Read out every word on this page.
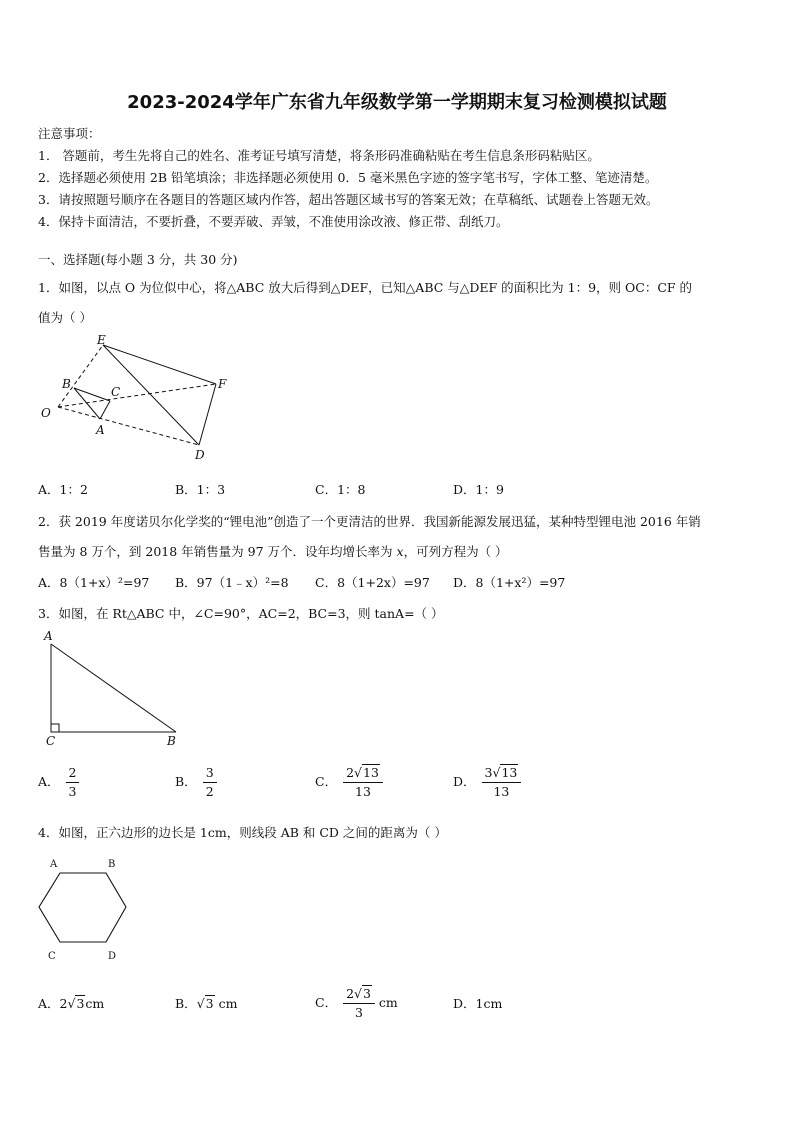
2023-2024学年广东省九年级数学第一学期期末复习检测模拟试题
注意事项：
1． 答题前，考生先将自己的姓名、准考证号填写清楚，将条形码准确粘贴在考生信息条形码粘贴区。
2．选择题必须使用 2B 铅笔填涂；非选择题必须使用 0．5 毫米黑色字迹的签字笔书写，字体工整、笔迹清楚。
3．请按照题号顺序在各题目的答题区域内作答，超出答题区域书写的答案无效；在草稿纸、试题卷上答题无效。
4．保持卡面清洁，不要折叠，不要弄破、弄皱，不准使用涂改液、修正带、刮纸刀。
一、选择题(每小题 3 分，共 30 分)
1．如图，以点 O 为位似中心，将△ABC 放大后得到△DEF，已知△ABC 与△DEF 的面积比为 1：9，则 OC：CF 的
值为（ ）
E
B
C
F
O
A
D
A．1：2	B．1：3	C．1：8	D．1：9
2．获 2019 年度诺贝尔化学奖的“锂电池”创造了一个更清洁的世界．我国新能源发展迅猛，某种特型锂电池 2016 年销
售量为 8 万个，到 2018 年销售量为 97 万个．设年均增长率为 x，可列方程为（ ）
A．8（1+x）²=97 B．97（1﹣x）²=8 C．8（1+2x）=97 D．8（1+x²）=97
3．如图，在 Rt△ABC 中，∠C=90°，AC=2，BC=3，则 tanA=（ ）
A
C	B
A． $\frac{2}{3}$	B． $\frac{3}{2}$	C． $\frac{2√13}{13}$	D． $\frac{3√13}{13}$
4．如图，正六边形的边长是 1cm，则线段 AB 和 CD 之间的距离为（ ）
A	B
C	D
A．2√3cm	B．√3 cm	C． $\frac{2√3}{3}$ cm	D．1cm
